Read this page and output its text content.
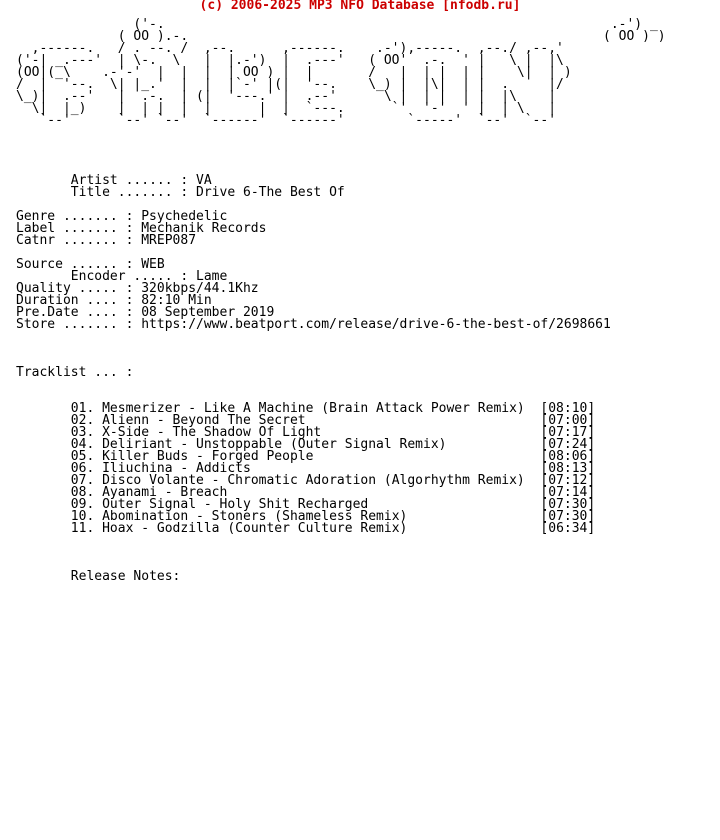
(c) 2006-2025 MP3 NFO Database [nfodb.ru]
('-.                                                         .-') _
( OO ).-.                                                     ( OO ) )
,------.   / . --. /  ,--.      ,------.    .-'),-----.  ,--./ ,--,'
('-| _.---'  | \-.  \   |  |.-')  |  .---'   ( OO'  .-.  ' |   \ |  |\
(OO|(_\    .-'-'  |  |  |  | OO ) |  |       /   |  | |  | |    \|  | )
/  |  '--.  \| |_.'  |  |  |`-' |(|  '--.    \_) |  |\|  | |  .     |/
\_)|  .--'   |  .-.  | (|  '---.' |  .--'      \ |  | |  | |  |\    |
\|  |_)    |  | |  |  |      |  |  `---.      `'  '-'  ' |  | \   |
`--'      `--' `--'  `------'  `------'        `-----'  `--'  `--'

Artist ...... : VA
Title ....... : Drive 6-The Best Of

Genre ....... : Psychedelic
Label ....... : Mechanik Records
Catnr ....... : MREP087

Source ...... : WEB
Encoder ..... : Lame
Quality ..... : 320kbps/44.1Khz
Duration .... : 82:10 Min
Pre.Date .... : 08 September 2019
Store ....... : https://www.beatport.com/release/drive-6-the-best-of/2698661

Tracklist ... :

01. Mesmerizer - Like A Machine (Brain Attack Power Remix) [08:10]
02. Alienn - Beyond The Secret	[07:00]
03. X-Side - The Shadow Of Light	[07:17]
04. Deliriant - Unstoppable (Outer Signal Remix)	[07:24]
05. Killer Buds - Forged People	[08:06]
06. Iliuchina - Addicts	[08:13]
07. Disco Volante - Chromatic Adoration (Algorhythm Remix) [07:12]
08. Ayanami - Breach	[07:14]
09. Outer Signal - Holy Shit Recharged	[07:30]
10. Abomination - Stoners (Shameless Remix)	[07:30]
11. Hoax - Godzilla (Counter Culture Remix)	[06:34]

Release Notes:
